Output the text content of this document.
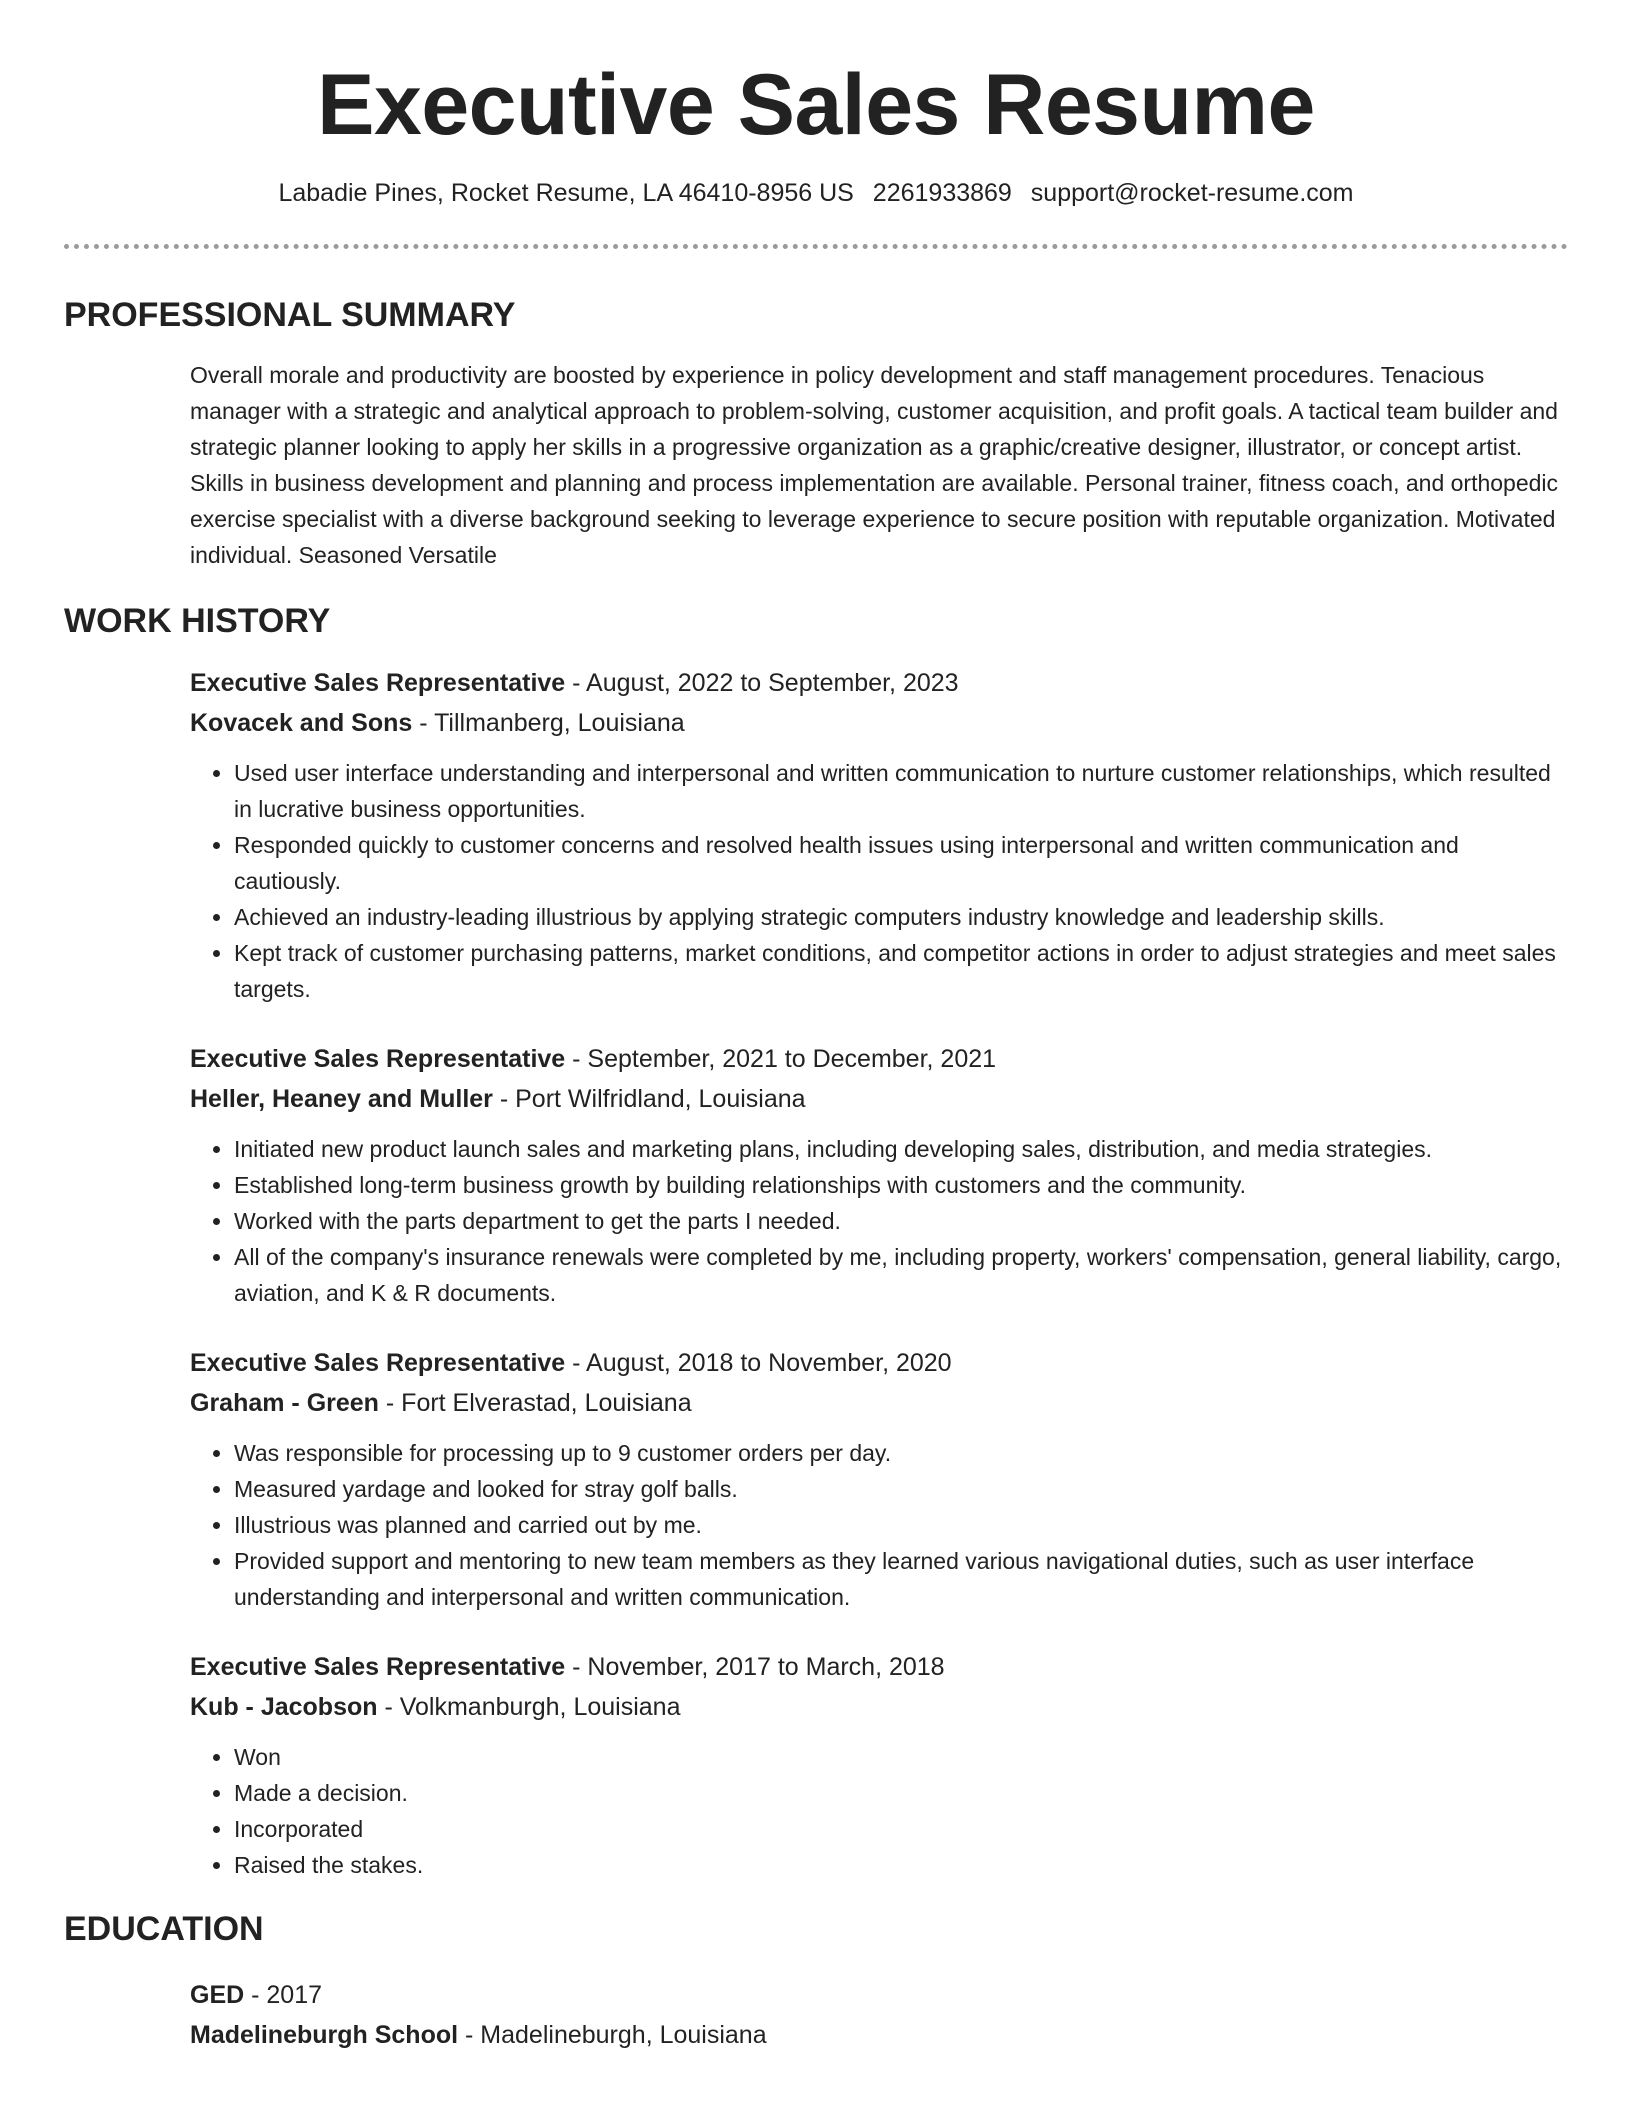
Executive Sales Resume
Labadie Pines, Rocket Resume, LA 46410-8956 US 2261933869 support@rocket-resume.com
PROFESSIONAL SUMMARY

Overall morale and productivity are boosted by experience in policy development and staff management procedures. Tenacious manager with a strategic and analytical approach to problem-solving, customer acquisition, and profit goals. A tactical team builder and strategic planner looking to apply her skills in a progressive organization as a graphic/creative designer, illustrator, or concept artist. Skills in business development and planning and process implementation are available. Personal trainer, fitness coach, and orthopedic exercise specialist with a diverse background seeking to leverage experience to secure position with reputable organization. Motivated individual. Seasoned Versatile

WORK HISTORY
Executive Sales Representative - August, 2022 to September, 2023
Kovacek and Sons - Tillmanberg, Louisiana
• Used user interface understanding and interpersonal and written communication to nurture customer relationships, which resulted in lucrative business opportunities.
• Responded quickly to customer concerns and resolved health issues using interpersonal and written communication and cautiously.
• Achieved an industry-leading illustrious by applying strategic computers industry knowledge and leadership skills.
• Kept track of customer purchasing patterns, market conditions, and competitor actions in order to adjust strategies and meet sales targets.
Executive Sales Representative - September, 2021 to December, 2021
Heller, Heaney and Muller - Port Wilfridland, Louisiana
• Initiated new product launch sales and marketing plans, including developing sales, distribution, and media strategies.
• Established long-term business growth by building relationships with customers and the community.
• Worked with the parts department to get the parts I needed.
• All of the company's insurance renewals were completed by me, including property, workers' compensation, general liability, cargo, aviation, and K & R documents.
Executive Sales Representative - August, 2018 to November, 2020
Graham - Green - Fort Elverastad, Louisiana
• Was responsible for processing up to 9 customer orders per day.
• Measured yardage and looked for stray golf balls.
• Illustrious was planned and carried out by me.
• Provided support and mentoring to new team members as they learned various navigational duties, such as user interface understanding and interpersonal and written communication.
Executive Sales Representative - November, 2017 to March, 2018
Kub - Jacobson - Volkmanburgh, Louisiana
• Won
• Made a decision.
• Incorporated
• Raised the stakes.
EDUCATION
GED - 2017
Madelineburgh School - Madelineburgh, Louisiana
